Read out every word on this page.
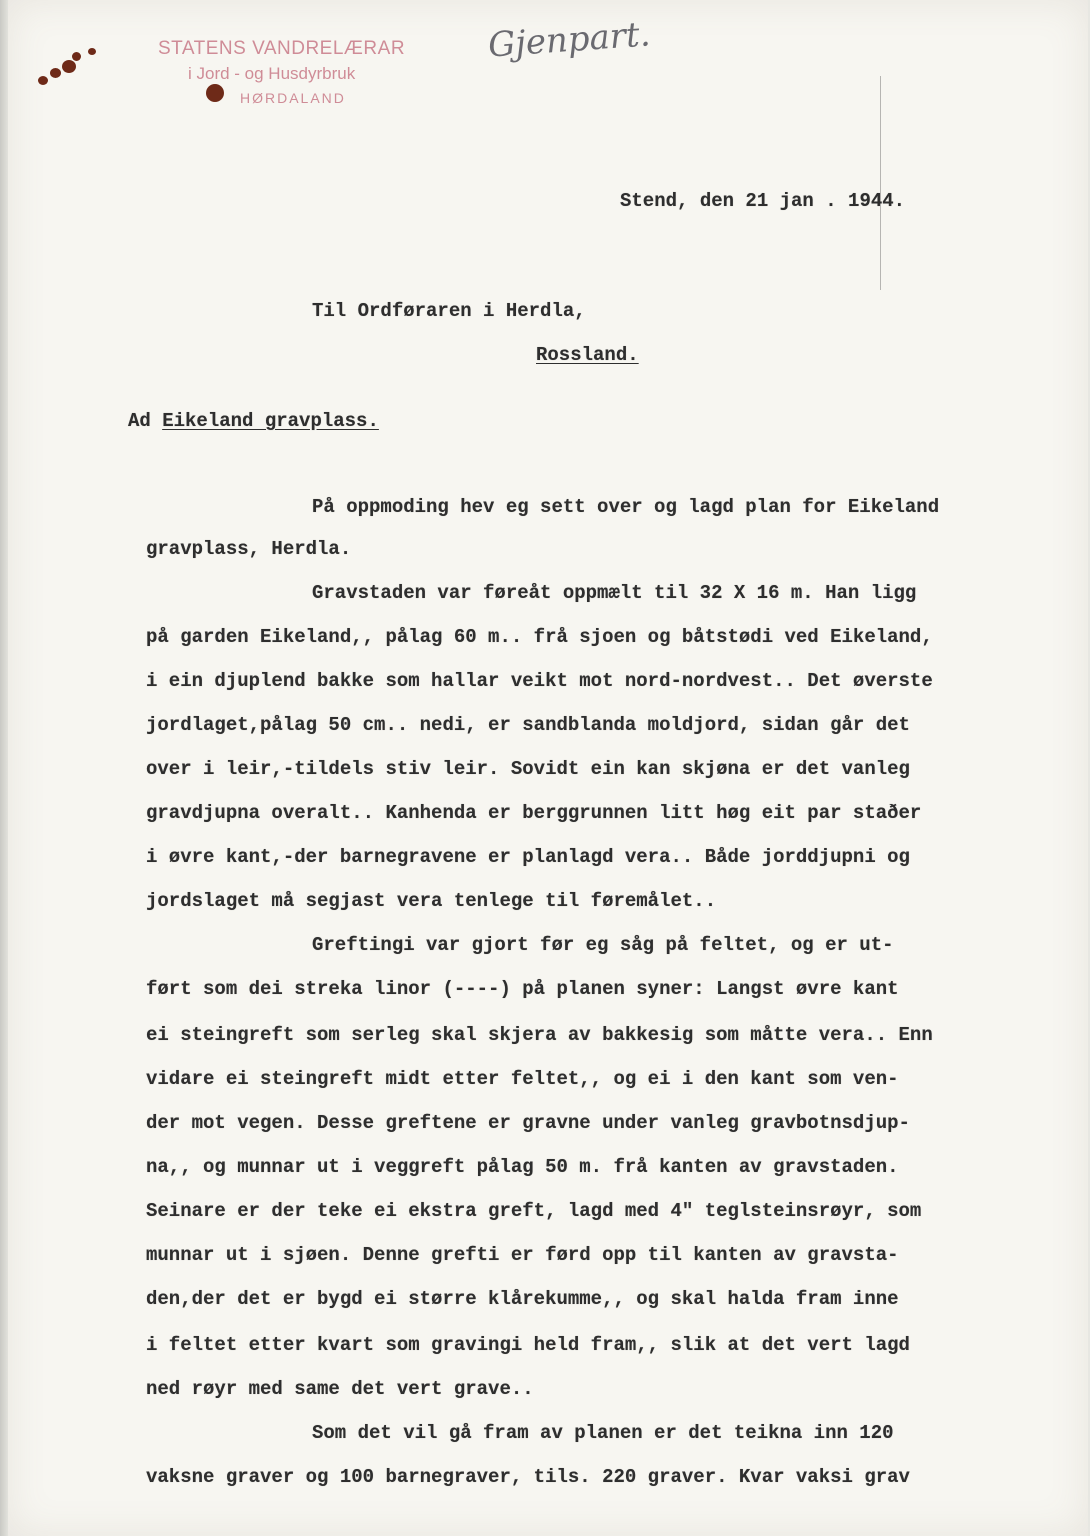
STATENS VANDRELÆRAR
i Jord - og Husdyrbruk
HØRDALAND
Gjenpart.
Stend, den 21 jan . 1944.
Til Ordføraren i Herdla,
Rossland.
Ad Eikeland gravplass.
På oppmoding hev eg sett over og lagd plan for Eikeland
gravplass, Herdla.
Gravstaden var føreåt oppmælt til 32 X 16 m. Han ligg
på garden Eikeland,, pålag 60 m.. frå sjoen og båtstødi ved Eikeland,
i ein djuplend bakke som hallar veikt mot nord-nordvest.. Det øverste
jordlaget,pålag 50 cm.. nedi, er sandblanda moldjord, sidan går det
over i leir,-tildels stiv leir. Sovidt ein kan skjøna er det vanleg
gravdjupna overalt.. Kanhenda er berggrunnen litt høg eit par staðer
i øvre kant,-der barnegravene er planlagd vera.. Både jorddjupni og
jordslaget må segjast vera tenlege til føremålet..
Greftingi var gjort før eg såg på feltet, og er ut-
ført som dei streka linor (----) på planen syner: Langst øvre kant
ei steingreft som serleg skal skjera av bakkesig som måtte vera.. Enn
vidare ei steingreft midt etter feltet,, og ei i den kant som ven-
der mot vegen. Desse greftene er gravne under vanleg gravbotnsdjup-
na,, og munnar ut i veggreft pålag 50 m. frå kanten av gravstaden.
Seinare er der teke ei ekstra greft, lagd med 4" teglsteinsrøyr, som
munnar ut i sjøen. Denne grefti er førd opp til kanten av gravsta-
den,der det er bygd ei større klårekumme,, og skal halda fram inne
i feltet etter kvart som gravingi held fram,, slik at det vert lagd
ned røyr med same det vert grave..
Som det vil gå fram av planen er det teikna inn 120
vaksne graver og 100 barnegraver, tils. 220 graver. Kvar vaksi grav
